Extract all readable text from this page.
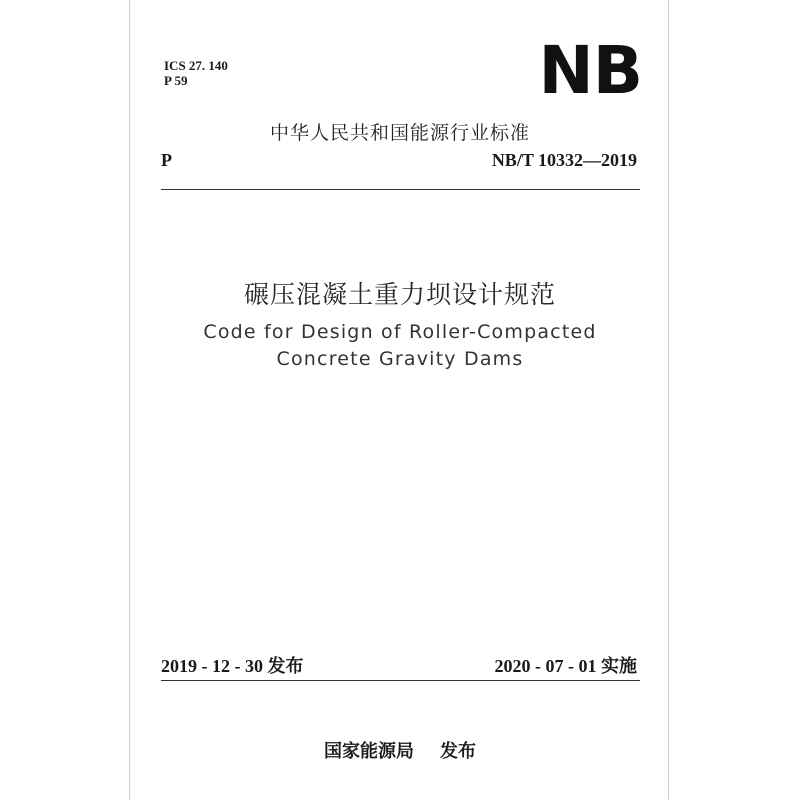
ICS 27. 140
P 59	NB
中华人民共和国能源行业标准
P	NB/T 10332—2019
碾压混凝土重力坝设计规范
Code for Design of Roller-Compacted
Concrete Gravity Dams
2019 - 12 - 30 发布	2020 - 07 - 01 实施
国家能源局 发布
